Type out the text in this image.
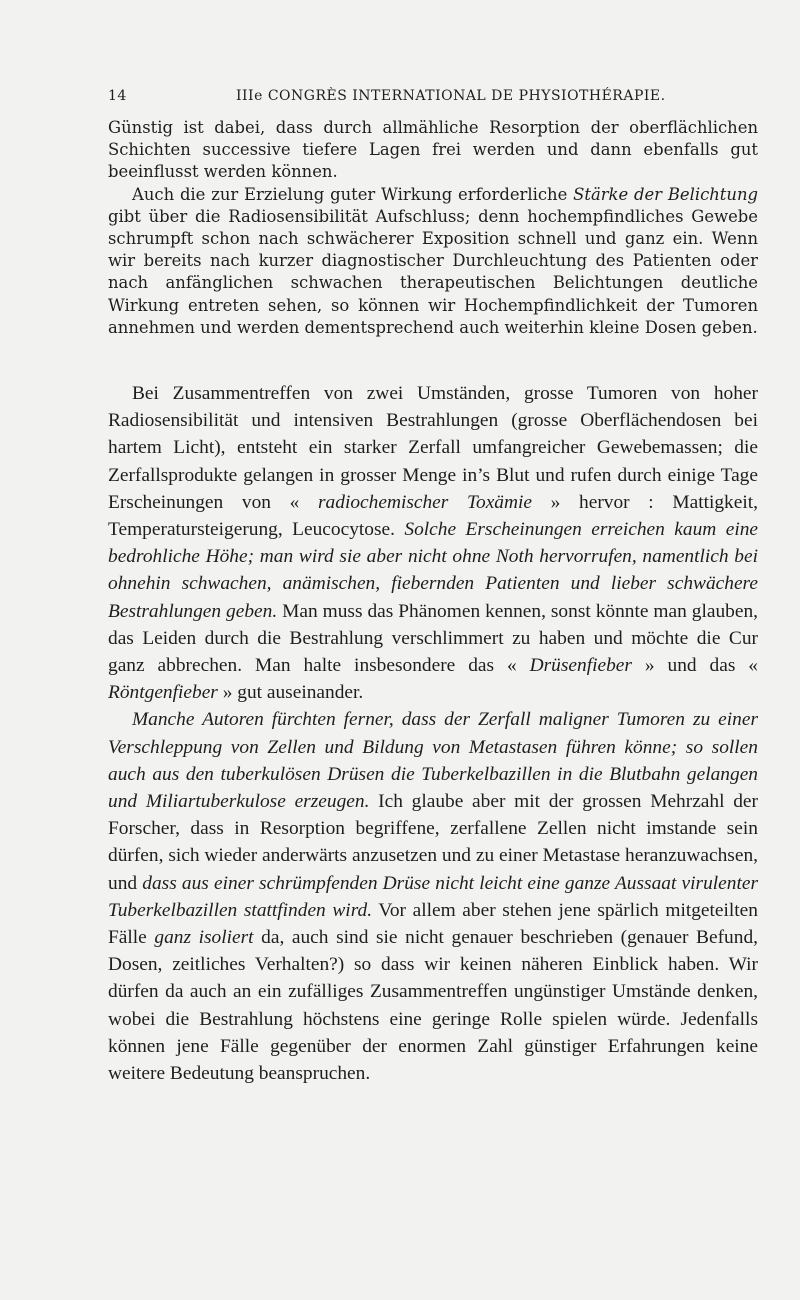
14	IIIe CONGRÈS INTERNATIONAL DE PHYSIOTHÉRAPIE.

Günstig ist dabei, dass durch allmähliche Resorption der oberflächlichen Schichten successive tiefere Lagen frei werden und dann ebenfalls gut beeinflusst werden können.

Auch die zur Erzielung guter Wirkung erforderliche Stärke der Belichtung gibt über die Radiosensibilität Aufschluss; denn hochempfindliches Gewebe schrumpft schon nach schwächerer Exposition schnell und ganz ein. Wenn wir bereits nach kurzer diagnostischer Durchleuchtung des Patienten oder nach anfänglichen schwachen therapeutischen Belichtungen deutliche Wirkung entreten sehen, so können wir Hochempfindlichkeit der Tumoren annehmen und werden dementsprechend auch weiterhin kleine Dosen geben.

Bei Zusammentreffen von zwei Umständen, grosse Tumoren von hoher Radiosensibilität und intensiven Bestrahlungen (grosse Oberflächendosen bei hartem Licht), entsteht ein starker Zerfall umfangreicher Gewebemassen; die Zerfallsprodukte gelangen in grosser Menge in’s Blut und rufen durch einige Tage Erscheinungen von « radiochemischer Toxämie » hervor : Mattigkeit, Temperatursteigerung, Leucocytose. Solche Erscheinungen erreichen kaum eine bedrohliche Höhe; man wird sie aber nicht ohne Noth hervorrufen, namentlich bei ohnehin schwachen, anämischen, fiebernden Patienten und lieber schwächere Bestrahlungen geben. Man muss das Phänomen kennen, sonst könnte man glauben, das Leiden durch die Bestrahlung verschlimmert zu haben und möchte die Cur ganz abbrechen. Man halte insbesondere das « Drüsenfieber » und das « Röntgenfieber » gut auseinander.

Manche Autoren fürchten ferner, dass der Zerfall maligner Tumoren zu einer Verschleppung von Zellen und Bildung von Metastasen führen könne; so sollen auch aus den tuberkulösen Drüsen die Tuberkelbazillen in die Blutbahn gelangen und Miliartuberkulose erzeugen. Ich glaube aber mit der grossen Mehrzahl der Forscher, dass in Resorption begriffene, zerfallene Zellen nicht imstande sein dürfen, sich wieder anderwärts anzusetzen und zu einer Metastase heranzuwachsen, und dass aus einer schrümpfenden Drüse nicht leicht eine ganze Aussaat virulenter Tuberkelbazillen stattfinden wird. Vor allem aber stehen jene spärlich mitgeteilten Fälle ganz isoliert da, auch sind sie nicht genauer beschrieben (genauer Befund, Dosen, zeitliches Verhalten?) so dass wir keinen näheren Einblick haben. Wir dürfen da auch an ein zufälliges Zusammentreffen ungünstiger Umstände denken, wobei die Bestrahlung höchstens eine geringe Rolle spielen würde. Jedenfalls können jene Fälle gegenüber der enormen Zahl günstiger Erfahrungen keine weitere Bedeutung beanspruchen.
